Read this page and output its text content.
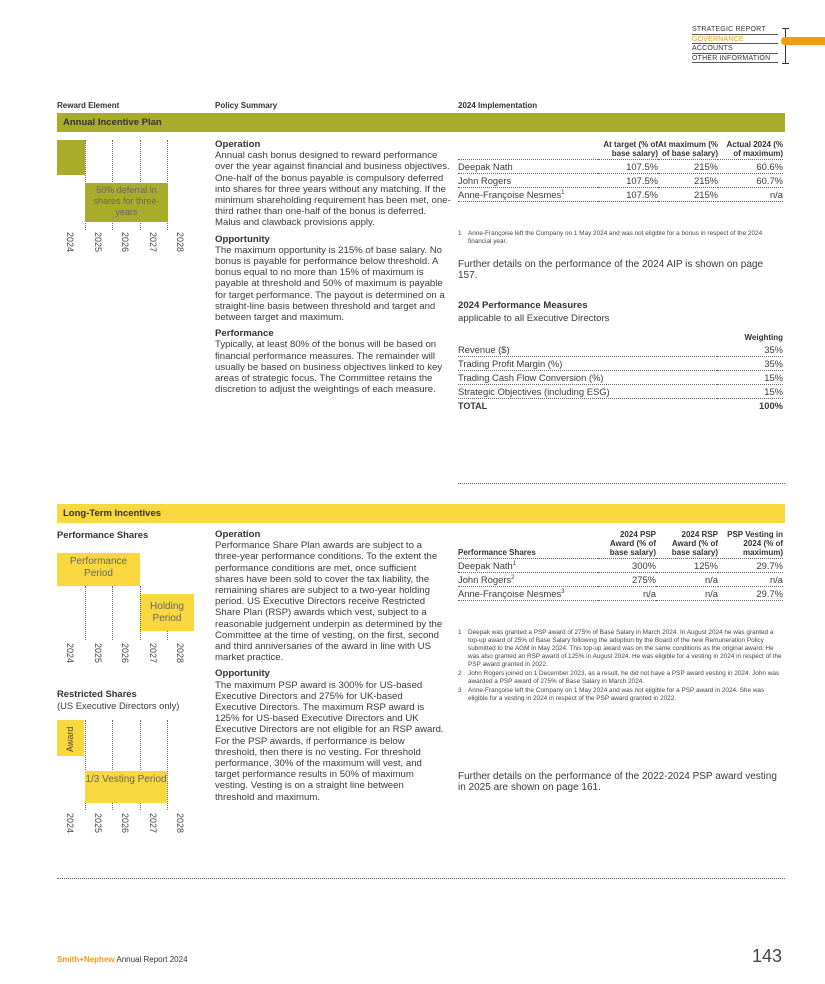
STRATEGIC REPORT
GOVERNANCE
ACCOUNTS
OTHER INFORMATION
Reward Element	Policy Summary	2024 Implementation
Annual Incentive Plan
50% deferral in shares for three-years
2024 2025 2026 2027 2028
Operation

Annual cash bonus designed to reward performance over the year against financial and business objectives. One-half of the bonus payable is compulsory deferred into shares for three years without any matching. If the minimum shareholding requirement has been met, one-third rather than one-half of the bonus is deferred. Malus and clawback provisions apply.

Opportunity

The maximum opportunity is 215% of base salary. No bonus is payable for performance below threshold. A bonus equal to no more than 15% of maximum is payable at threshold and 50% of maximum is payable for target performance. The payout is determined on a straight-line basis between threshold and target and between target and maximum.

Performance

Typically, at least 80% of the bonus will be based on financial performance measures. The remainder will usually be based on business objectives linked to key areas of strategic focus. The Committee retains the discretion to adjust the weightings of each measure.

	At target (% of base salary)	At maximum (% of base salary)	Actual 2024 (% of maximum)

Deepak Nath	107.5%	215%	60.6%
John Rogers	107.5%	215%	60.7%
Anne-Françoise Nesmes$^1$	107.5%	215%	n/a
1 Anne-Françoise left the Company on 1 May 2024 and was not eligible for a bonus in respect of the 2024 financial year.
Further details on the performance of the 2024 AIP is shown on page 157.
2024 Performance Measures
applicable to all Executive Directors
	Weighting
Revenue ($)	35%
Trading Profit Margin (%)	35%
Trading Cash Flow Conversion (%)	15%
Strategic Objectives (including ESG)	15%
TOTAL	100%
Long-Term Incentives
Performance Shares
Performance Period
Holding Period
2024 2025 2026 2027 2028
Restricted Shares
(US Executive Directors only)
Award
1/3 Vesting Period
2024 2025 2026 2027 2028
Operation

Performance Share Plan awards are subject to a three-year performance conditions. To the extent the performance conditions are met, once sufficient shares have been sold to cover the tax liability, the remaining shares are subject to a two-year holding period. US Executive Directors receive Restricted Share Plan (RSP) awards which vest, subject to a reasonable judgement underpin as determined by the Committee at the time of vesting, on the first, second and third anniversaries of the award in line with US market practice.

Opportunity

The maximum PSP award is 300% for US-based Executive Directors and 275% for UK-based Executive Directors. The maximum RSP award is 125% for US-based Executive Directors and UK Executive Directors are not eligible for an RSP award. For the PSP awards, if performance is below threshold, then there is no vesting. For threshold performance, 30% of the maximum will vest, and target performance results in 50% of maximum vesting. Vesting is on a straight line between threshold and maximum.

Performance Shares	2024 PSP Award (% of base salary)	2024 RSP Award (% of base salary)	PSP Vesting in 2024 (% of maximum)

Deepak Nath$^1$	300%	125%	29.7%
John Rogers$^2$	275%	n/a	n/a
Anne-Françoise Nesmes$^3$	n/a	n/a	29.7%
1 Deepak was granted a PSP award of 275% of Base Salary in March 2024. In August 2024 he was granted a top-up award of 25% of Base Salary following the adoption by the Board of the new Remuneration Policy submitted to the AGM in May 2024. This top-up award was on the same conditions as the original award. He was also granted an RSP award of 125% in August 2024. He was eligible for a vesting in 2024 in respect of the PSP award granted in 2022.
2 John Rogers joined on 1 December 2023, as a result, he did not have a PSP award vesting in 2024. John was awarded a PSP award of 275% of Base Salary in March 2024.
3 Anne-Françoise left the Company on 1 May 2024 and was not eligible for a PSP award in 2024. She was eligible for a vesting in 2024 in respect of the PSP award granted in 2022.
Further details on the performance of the 2022-2024 PSP award vesting in 2025 are shown on page 161.
Smith+Nephew Annual Report 2024	143
